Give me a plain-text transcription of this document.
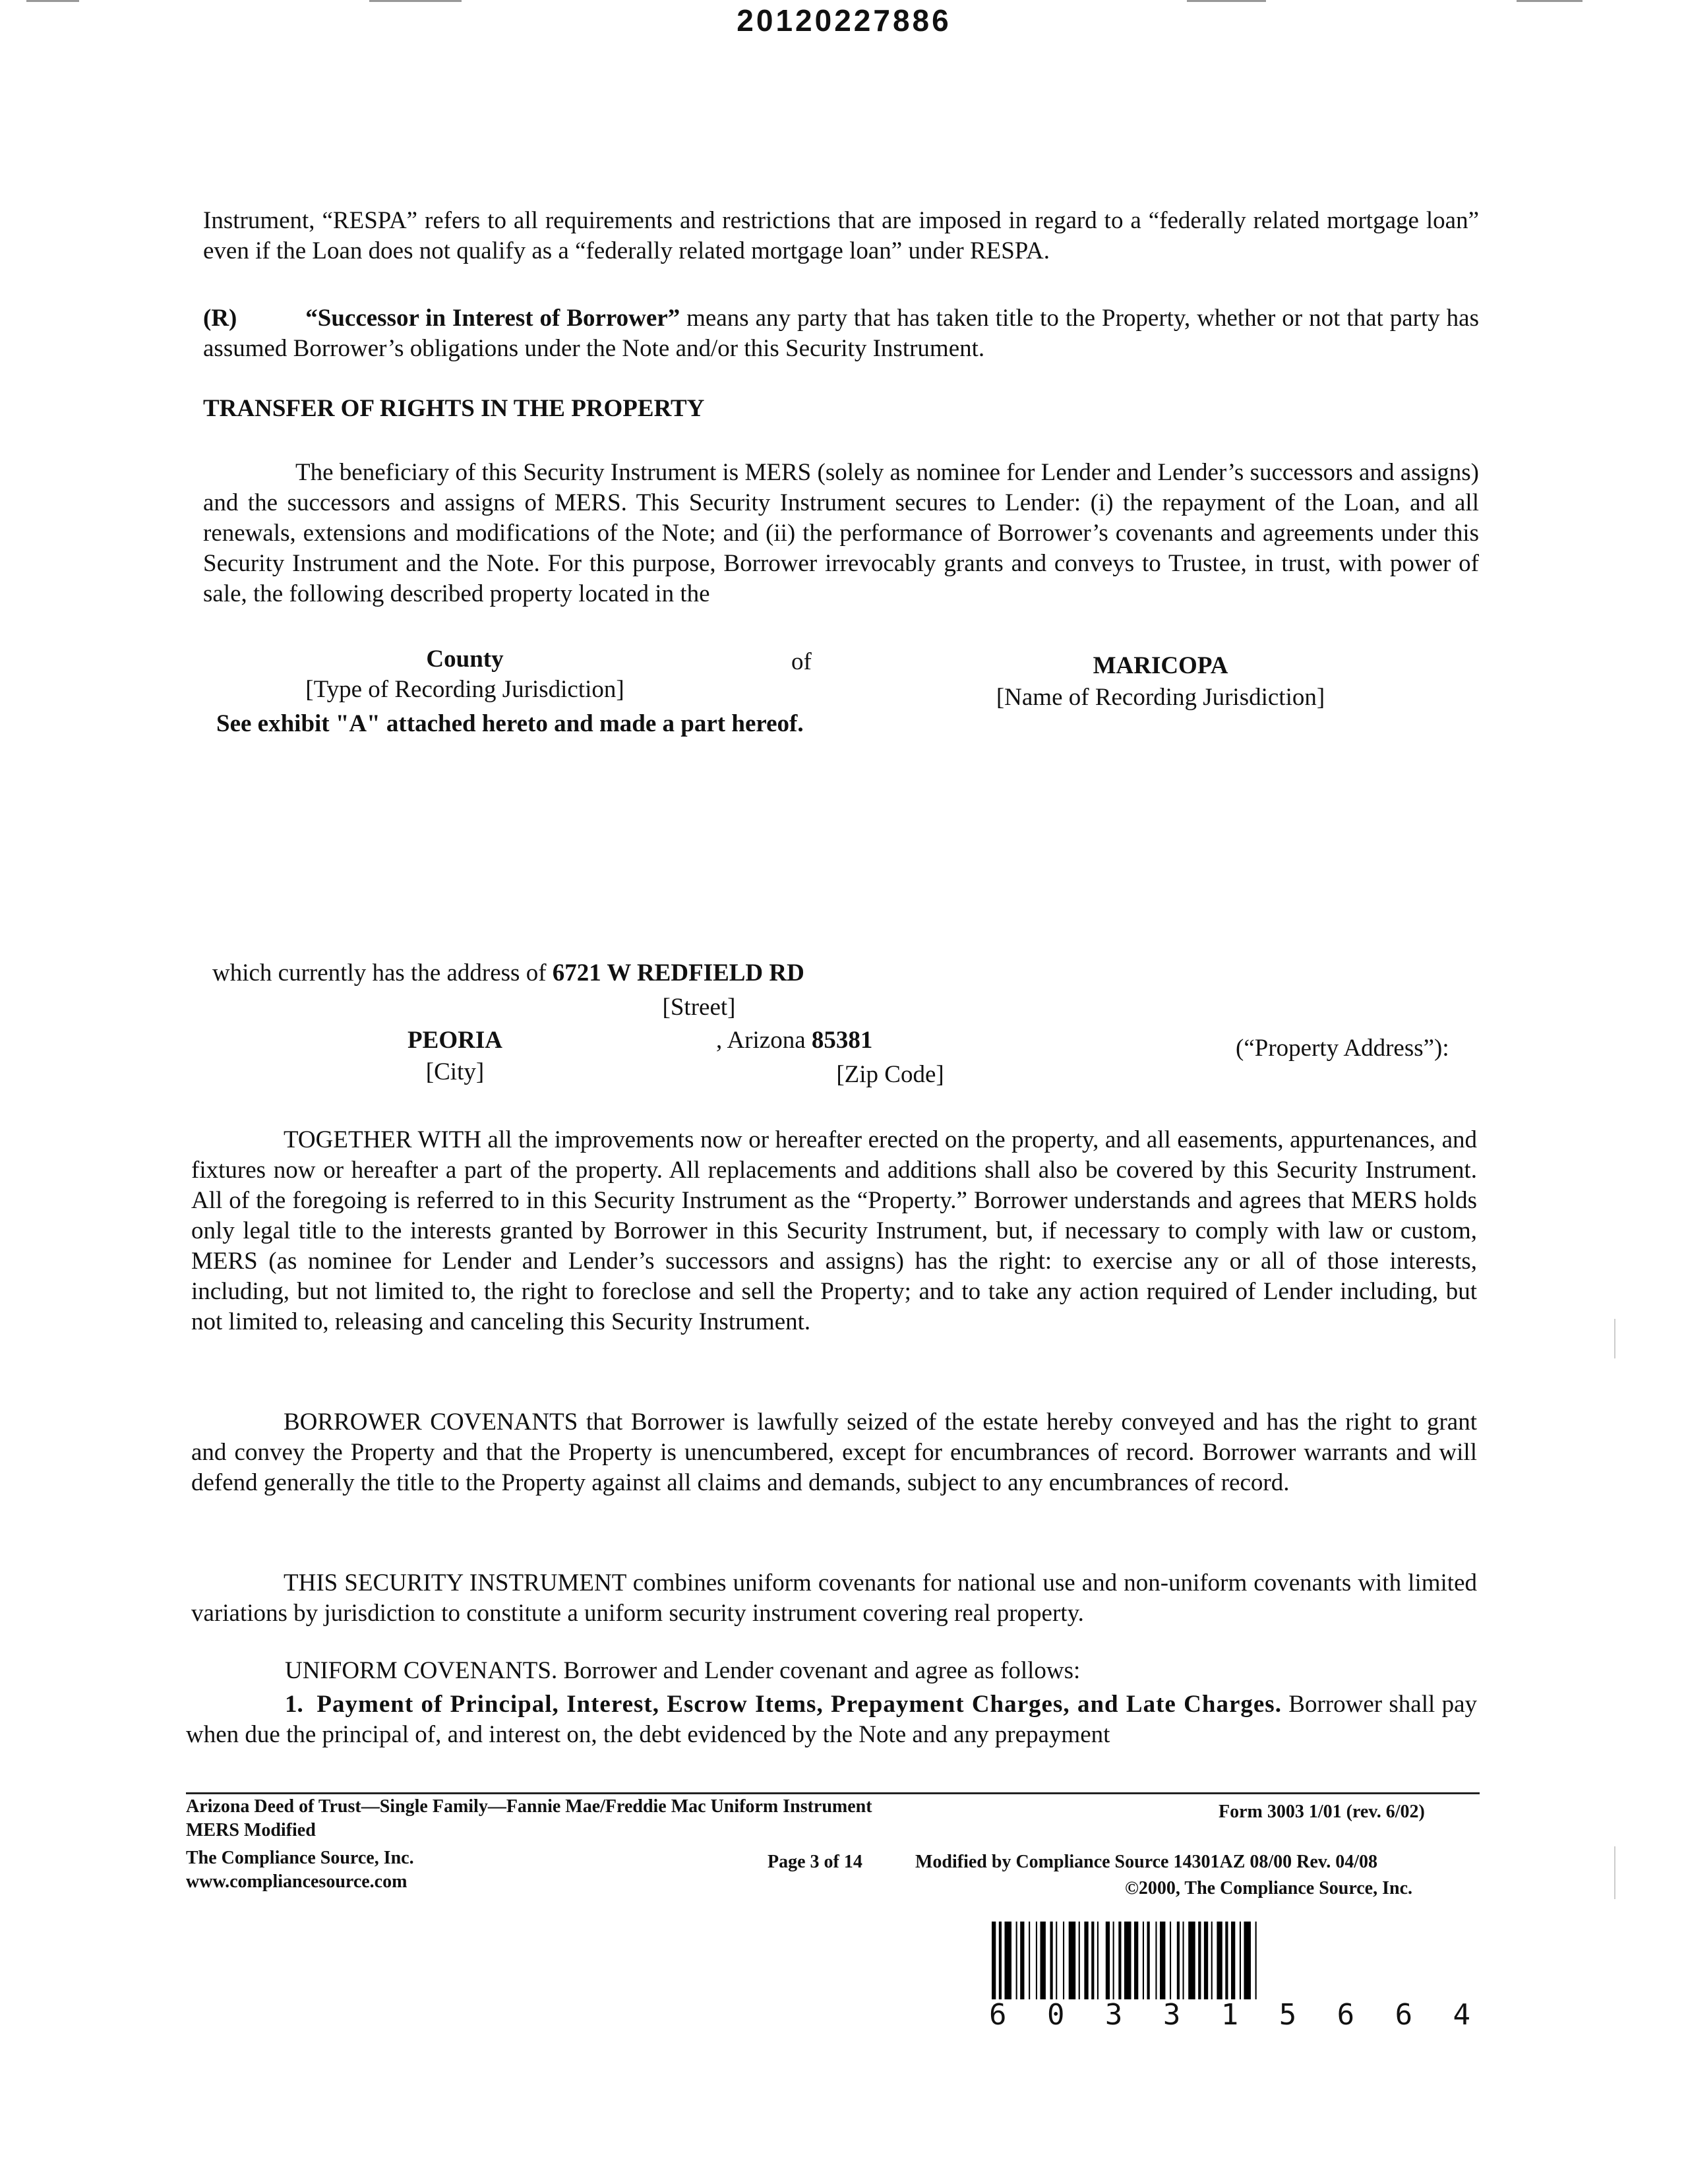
20120227886
Instrument, “RESPA” refers to all requirements and restrictions that are imposed in regard to a “federally related mortgage loan” even if the Loan does not qualify as a “federally related mortgage loan” under RESPA.
(R)	“Successor in Interest of Borrower” means any party that has taken title to the Property, whether or not that party has assumed Borrower’s obligations under the Note and/or this Security Instrument.
TRANSFER OF RIGHTS IN THE PROPERTY
The beneficiary of this Security Instrument is MERS (solely as nominee for Lender and Lender’s successors and assigns) and the successors and assigns of MERS. This Security Instrument secures to Lender: (i) the repayment of the Loan, and all renewals, extensions and modifications of the Note; and (ii) the performance of Borrower’s covenants and agreements under this Security Instrument and the Note. For this purpose, Borrower irrevocably grants and conveys to Trustee, in trust, with power of sale, the following described property located in the
County
[Type of Recording Jurisdiction]
of	MARICOPA
[Name of Recording Jurisdiction]
See exhibit "A" attached hereto and made a part hereof.
which currently has the address of 6721 W REDFIELD RD
[Street]
PEORIA
[City]
, Arizona 85381
[Zip Code]
(“Property Address”):
TOGETHER WITH all the improvements now or hereafter erected on the property, and all easements, appurtenances, and fixtures now or hereafter a part of the property. All replacements and additions shall also be covered by this Security Instrument. All of the foregoing is referred to in this Security Instrument as the “Property.” Borrower understands and agrees that MERS holds only legal title to the interests granted by Borrower in this Security Instrument, but, if necessary to comply with law or custom, MERS (as nominee for Lender and Lender’s successors and assigns) has the right: to exercise any or all of those interests, including, but not limited to, the right to foreclose and sell the Property; and to take any action required of Lender including, but not limited to, releasing and canceling this Security Instrument.
BORROWER COVENANTS that Borrower is lawfully seized of the estate hereby conveyed and has the right to grant and convey the Property and that the Property is unencumbered, except for encumbrances of record. Borrower warrants and will defend generally the title to the Property against all claims and demands, subject to any encumbrances of record.
THIS SECURITY INSTRUMENT combines uniform covenants for national use and non-uniform covenants with limited variations by jurisdiction to constitute a uniform security instrument covering real property.
UNIFORM COVENANTS. Borrower and Lender covenant and agree as follows:
1. Payment of Principal, Interest, Escrow Items, Prepayment Charges, and Late Charges. Borrower shall pay when due the principal of, and interest on, the debt evidenced by the Note and any prepayment
Arizona Deed of Trust—Single Family—Fannie Mae/Freddie Mac Uniform Instrument	Form 3003 1/01 (rev. 6/02)
MERS Modified
The Compliance Source, Inc.	Page 3 of 14	Modified by Compliance Source 14301AZ 08/00 Rev. 04/08
www.compliancesource.com	©2000, The Compliance Source, Inc.
6 0 3 3 1 5 6 6 4
